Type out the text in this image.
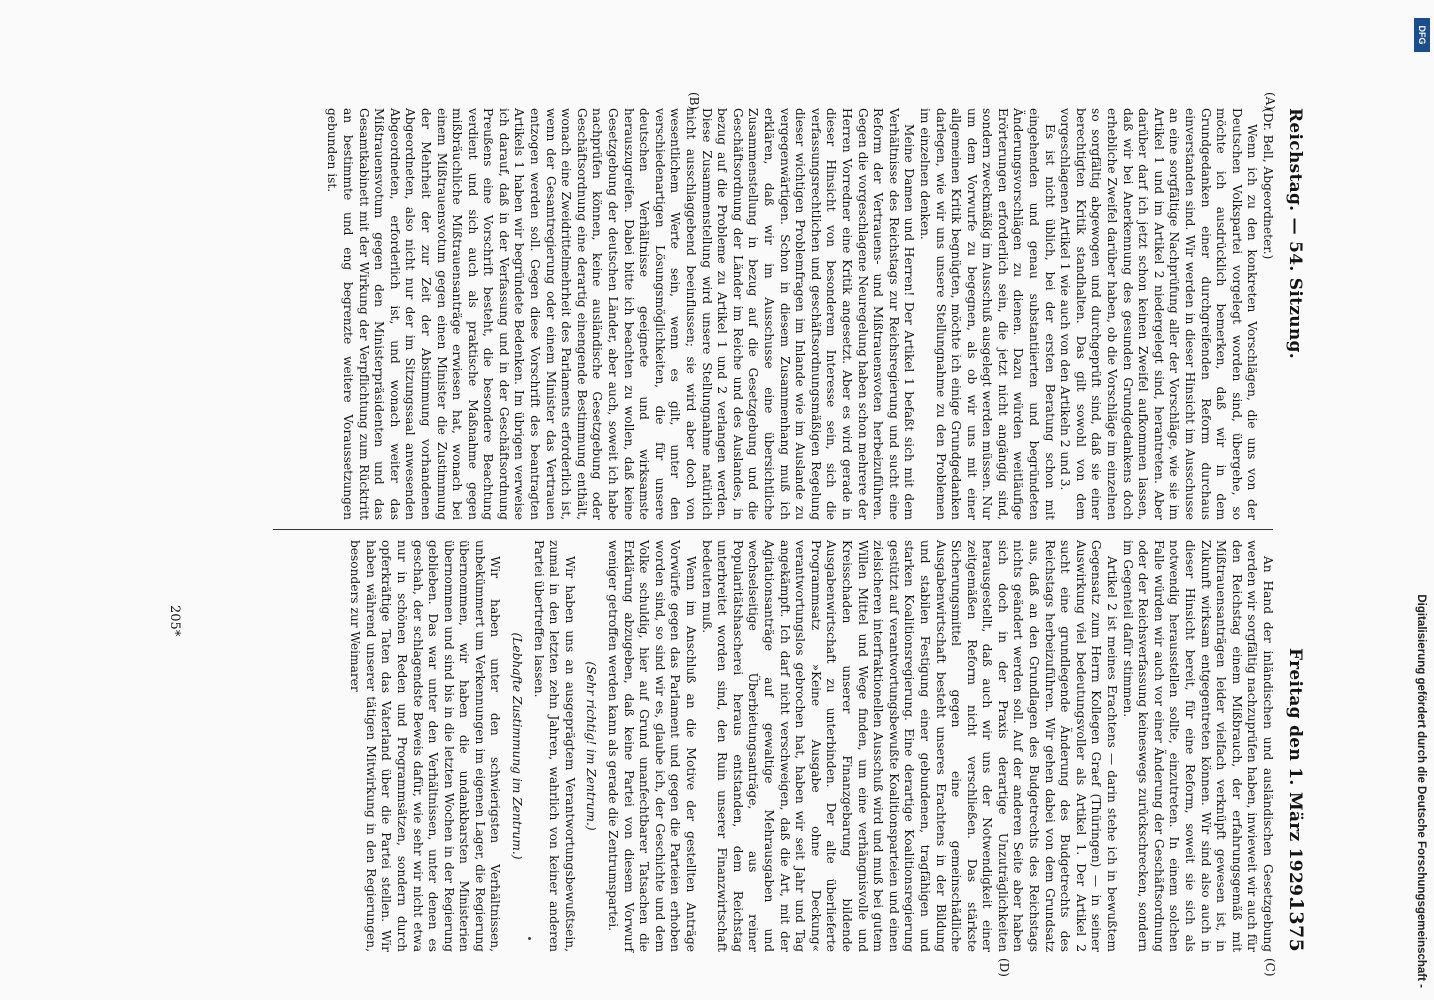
Reichstag. — 54. Sitzung.
Freitag den 1. März 1929.
1375
(A)
(B)
(C)
(D)

(Dr. Bell, Abgeordneter.)

Wenn ich zu den konkreten Vorschlägen, die uns von der Deutschen Volkspartei vorgelegt worden sind, übergehe, so möchte ich ausdrücklich bemerken, daß wir in dem Grundgedanken einer durchgreifenden Reform durchaus einverstanden sind. Wir werden in dieser Hinsicht im Ausschusse an eine sorgfältige Nachprüfung aller der Vorschläge, wie sie im Artikel 1 und im Artikel 2 niedergelegt sind, herantreten. Aber darüber darf ich jetzt schon keinen Zweifel aufkommen lassen, daß wir bei Anerkennung des gesunden Grundgedankens doch erhebliche Zweifel darüber haben, ob die Vorschläge im einzelnen so sorgfältig abgewogen und durchgeprüft sind, daß sie einer berechtigten Kritik standhalten. Das gilt sowohl von dem vorgeschlagenen Artikel 1 wie auch von den Artikeln 2 und 3.

Es ist nicht üblich, bei der ersten Beratung schon mit eingehenden und genau substantiierten und begründeten Änderungsvorschlägen zu dienen. Dazu würden weitläufige Erörterungen erforderlich sein, die jetzt nicht angängig sind, sondern zweckmäßig im Ausschuß ausgelegt werden müssen. Nur um dem Vorwurfe zu begegnen, als ob wir uns mit einer allgemeinen Kritik begnügten, möchte ich einige Grundgedanken darlegen, wie wir uns unsere Stellungnahme zu den Problemen im einzelnen denken.

Meine Damen und Herren! Der Artikel 1 befaßt sich mit dem Verhältnisse des Reichstags zur Reichsregierung und sucht eine Reform der Vertrauens- und Mißtrauensvoten herbeizuführen. Gegen die vorgeschlagene Neuregelung haben schon mehrere der Herren Vorredner eine Kritik angesetzt. Aber es wird gerade in dieser Hinsicht von besonderem Interesse sein, sich die verfassungsrechtlichen und geschäftsordnungsmäßigen Regelung dieser wichtigen Problemfragen im Inlande wie im Auslande zu vergegenwärtigen. Schon in diesem Zusammenhang muß ich erklären, daß wir im Ausschusse eine übersichtliche Zusammenstellung in bezug auf die Gesetzgebung und die Geschäftsordnung der Länder im Reiche und des Auslandes, in bezug auf die Probleme zu Artikel 1 und 2 verlangen werden. Diese Zusammenstellung wird unsere Stellungnahme natürlich nicht ausschlaggebend beeinflussen; sie wird aber doch von wesentlichem Werte sein, wenn es gilt, unter den verschiedenartigen Lösungsmöglichkeiten, die für unsere deutschen Verhältnisse geeignete und wirksamste herauszugreifen. Dabei bitte ich beachten zu wollen, daß keine Gesetzgebung der deutschen Länder, aber auch, soweit ich habe nachprüfen können, keine ausländische Gesetzgebung oder Geschäftsordnung eine derartig einengende Bestimmung enthält, wonach eine Zweidrittelmehrheit des Parlaments erforderlich ist, wenn der Gesamtregierung oder einem Minister das Vertrauen entzogen werden soll. Gegen diese Vorschrift des beantragten Artikels 1 haben wir begründete Bedenken. Im übrigen verweise ich darauf, daß in der Verfassung und in der Geschäftsordnung Preußens eine Vorschrift besteht, die besondere Beachtung verdient und sich auch als praktische Maßnahme gegen mißbräuchliche Mißtrauensanträge erwiesen hat, wonach bei einem Mißtrauensvotum gegen einen Minister die Zustimmung der Mehrheit der zur Zeit der Abstimmung vorhandenen Abgeordneten, also nicht nur der im Sitzungssaal anwesenden Abgeordneten, erforderlich ist, und wonach weiter das Mißtrauensvotum gegen den Ministerpräsidenten und das Gesamtkabinett mit der Wirkung der Verpflichtung zum Rücktritt an bestimmte und eng begrenzte weitere Voraussetzungen gebunden ist.

An Hand der inländischen und ausländischen Gesetzgebung werden wir sorgfältig nachzuprüfen haben, inwieweit wir auch für den Reichstag einem Mißbrauch, der erfahrungsgemäß mit Mißtrauensanträgen leider vielfach verknüpft gewesen ist, in Zukunft wirksam entgegentreten können. Wir sind also auch in dieser Hinsicht bereit, für eine Reform, soweit sie sich als notwendig herausstellen sollte, einzutreten. In einem solchen Falle würden wir auch vor einer Änderung der Geschäftsordnung oder der Reichsverfassung keineswegs zurückschrecken, sondern im Gegenteil dafür stimmen.

Artikel 2 ist meines Erachtens — darin stehe ich in bewußtem Gegensatz zum Herrn Kollegen Graef (Thüringen) — in seiner Auswirkung viel bedeutungsvoller als Artikel 1. Der Artikel 2 sucht eine grundlegende Änderung des Budgetrechts des Reichstags herbeizuführen. Wir gehen dabei von dem Grundsatz aus, daß an den Grundlagen des Budgetrechts des Reichstags nichts geändert werden soll. Auf der anderen Seite aber haben sich doch in der Praxis derartige Unzuträglichkeiten herausgestellt, daß auch wir uns der Notwendigkeit einer zeitgemäßen Reform nicht verschließen. Das stärkste Sicherungsmittel gegen eine gemeinschädliche Ausgabenwirtschaft besteht unseres Erachtens in der Bildung und stabilen Festigung einer gebundenen, tragfähigen und starken Koalitionsregierung. Eine derartige Koalitionsregierung gestützt auf verantwortungsbewußte Koalitionsparteien und einen zielsicheren interfraktionellen Ausschuß wird und muß bei gutem Willen Mittel und Wege finden, um eine verhängnisvolle und Kreisschaden unserer Finanzgebarung bildende Ausgabenwirtschaft zu unterbinden. Der alte überlieferte Programmsatz »Keine Ausgabe ohne Deckung« verantwortungslos gebrochen hat, haben wir seit Jahr und Tag angekämpft. Ich darf nicht verschweigen, daß die Art, mit der Agitationsanträge auf gewaltige Mehrausgaben und wechselseitige Überbietungsanträge, aus reiner Popularitätshascherei heraus entstanden, dem Reichstag unterbreitet worden sind, den Ruin unserer Finanzwirtschaft bedeuten muß.

Wenn im Anschluß an die Motive der gestellten Anträge Vorwürfe gegen das Parlament und gegen die Parteien erhoben worden sind, so sind wir es, glaube ich, der Geschichte und dem Volke schuldig, hier auf Grund unanfechtbarer Tatsachen die Erklärung abzugeben, daß keine Partei von diesem Vorwurf weniger getroffen werden kann als gerade die Zentrumspartei.

(Sehr richtig! im Zentrum.)

Wir haben uns an ausgeprägtem Verantwortungsbewußtsein, zumal in den letzten zehn Jahren, wahrlich von keiner anderen Partei übertreffen lassen.

(Lebhafte Zustimmung im Zentrum.)

Wir haben unter den schwierigsten Verhältnissen, unbekümmert um Verkennungen im eigenen Lager, die Regierung übernommen, wir haben die undankbarsten Ministerien übernommen und sind bis in die letzten Wochen in der Regierung geblieben. Das war unter den Verhältnissen, unter denen es geschah, der schlagendste Beweis dafür, wie sehr wir nicht etwa nur in schönen Reden und Programmsätzen, sondern durch opferkräftige Taten das Vaterland über die Partei stellen. Wir haben während unserer tätigen Mitwirkung in den Regierungen, besonders zur Weimarer

205*	Digitalisierung gefördert durch die Deutsche Forschungsgemeinschaft -
DFG
